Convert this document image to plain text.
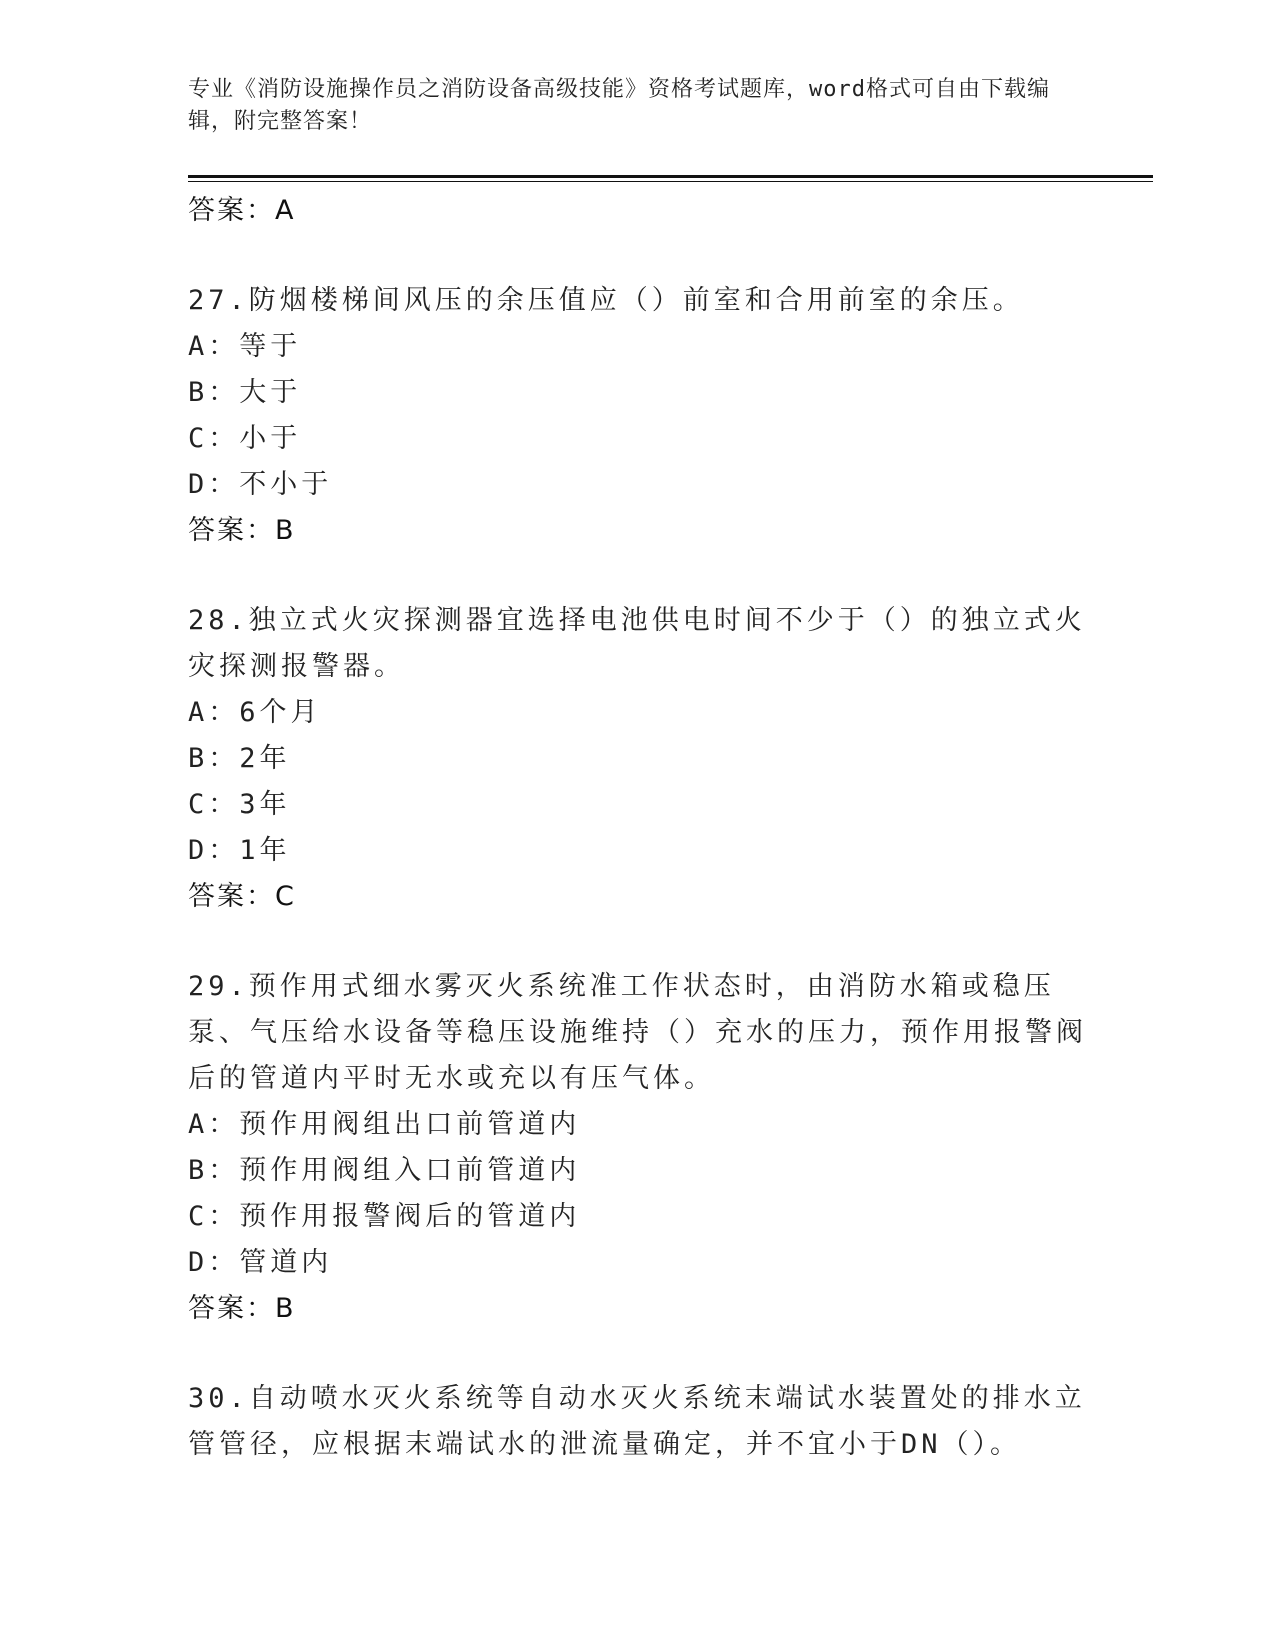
专业《消防设施操作员之消防设备高级技能》资格考试题库，word格式可自由下载编辑，附完整答案！
答案：A
27.防烟楼梯间风压的余压值应（）前室和合用前室的余压。
A：等于
B：大于
C：小于
D：不小于
答案：B
28.独立式火灾探测器宜选择电池供电时间不少于（）的独立式火灾探测报警器。
A：6个月
B：2年
C：3年
D：1年
答案：C
29.预作用式细水雾灭火系统准工作状态时，由消防水箱或稳压泵、气压给水设备等稳压设施维持（）充水的压力，预作用报警阀后的管道内平时无水或充以有压气体。
A：预作用阀组出口前管道内
B：预作用阀组入口前管道内
C：预作用报警阀后的管道内
D：管道内
答案：B
30.自动喷水灭火系统等自动水灭火系统末端试水装置处的排水立管管径，应根据末端试水的泄流量确定，并不宜小于DN（）。
